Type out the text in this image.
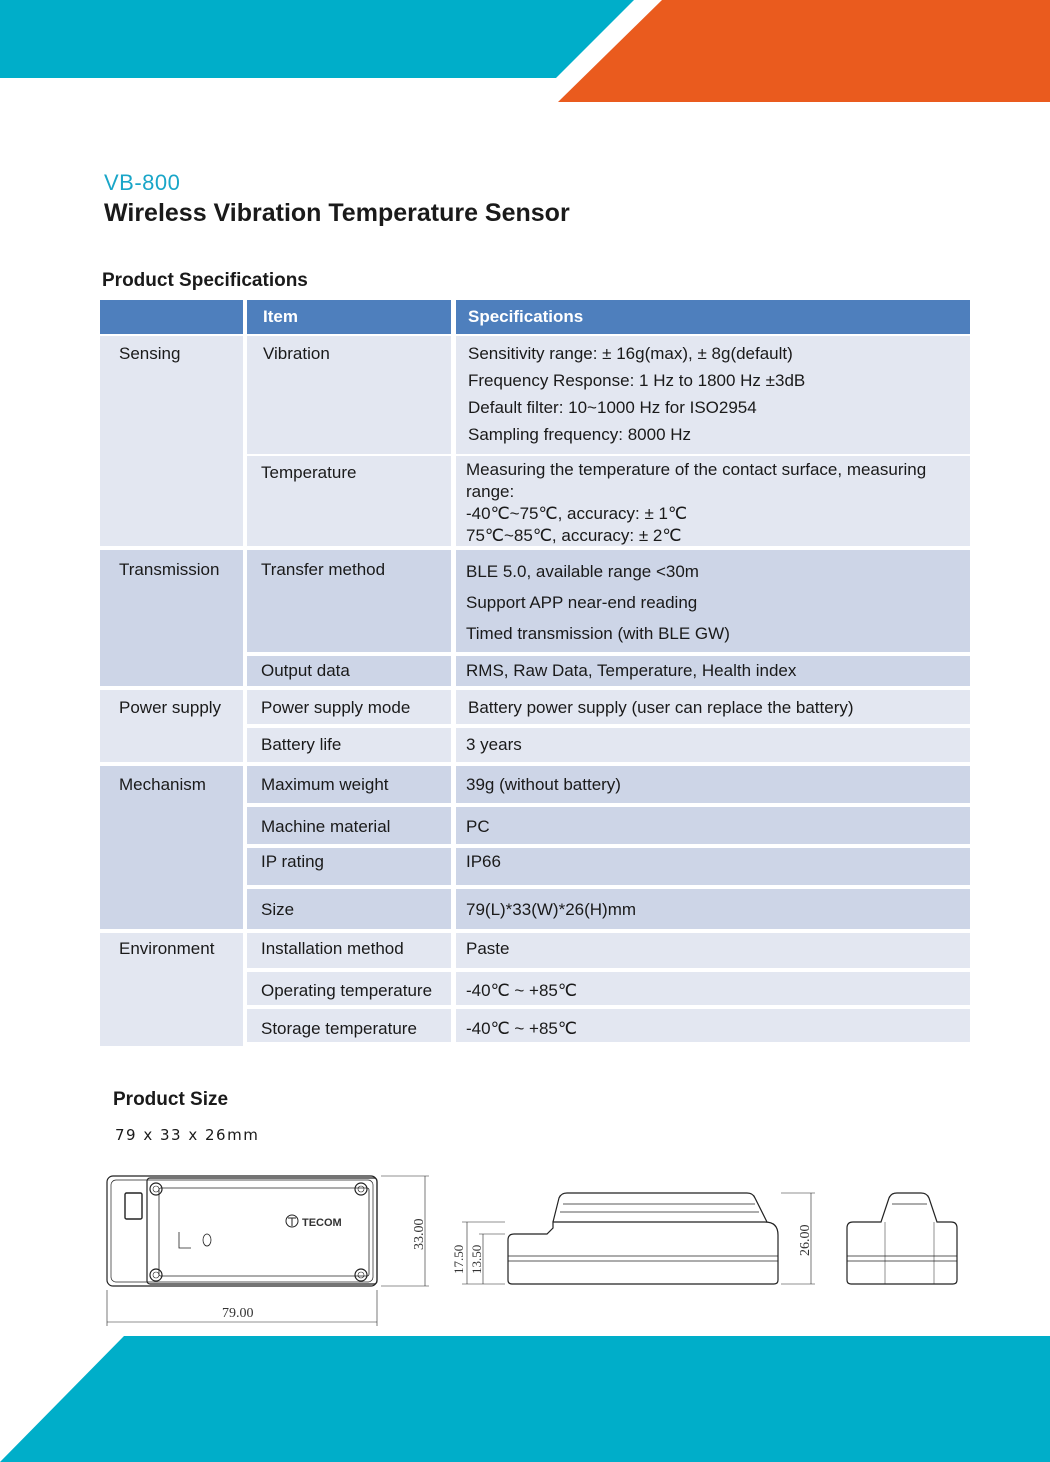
VB-800
Wireless Vibration Temperature Sensor
Product Specifications
Item	Specifications
Sensing	Vibration	Sensitivity range: ± 16g(max), ± 8g(default)
Frequency Response: 1 Hz to 1800 Hz ±3dB
Default filter: 10~1000 Hz for ISO2954
Sampling frequency: 8000 Hz
Temperature	Measuring the temperature of the contact surface, measuring range:
-40℃~75℃, accuracy: ± 1℃
75℃~85℃, accuracy: ± 2℃
Transmission	Transfer method	BLE 5.0, available range <30m
Support APP near-end reading
Timed transmission (with BLE GW)
Output data	RMS, Raw Data, Temperature, Health index
Power supply	Power supply mode	Battery power supply (user can replace the battery)
Battery life	3 years
Mechanism	Maximum weight	39g (without battery)
Machine material	PC
IP rating	IP66
Size	79(L)*33(W)*26(H)mm
Environment	Installation method	Paste
Operating temperature	-40℃ ~ +85℃
Storage temperature	-40℃ ~ +85℃
Product Size
79 x 33 x 26mm
TECOM
79.00
33.00
17.50 13.50
26.00
